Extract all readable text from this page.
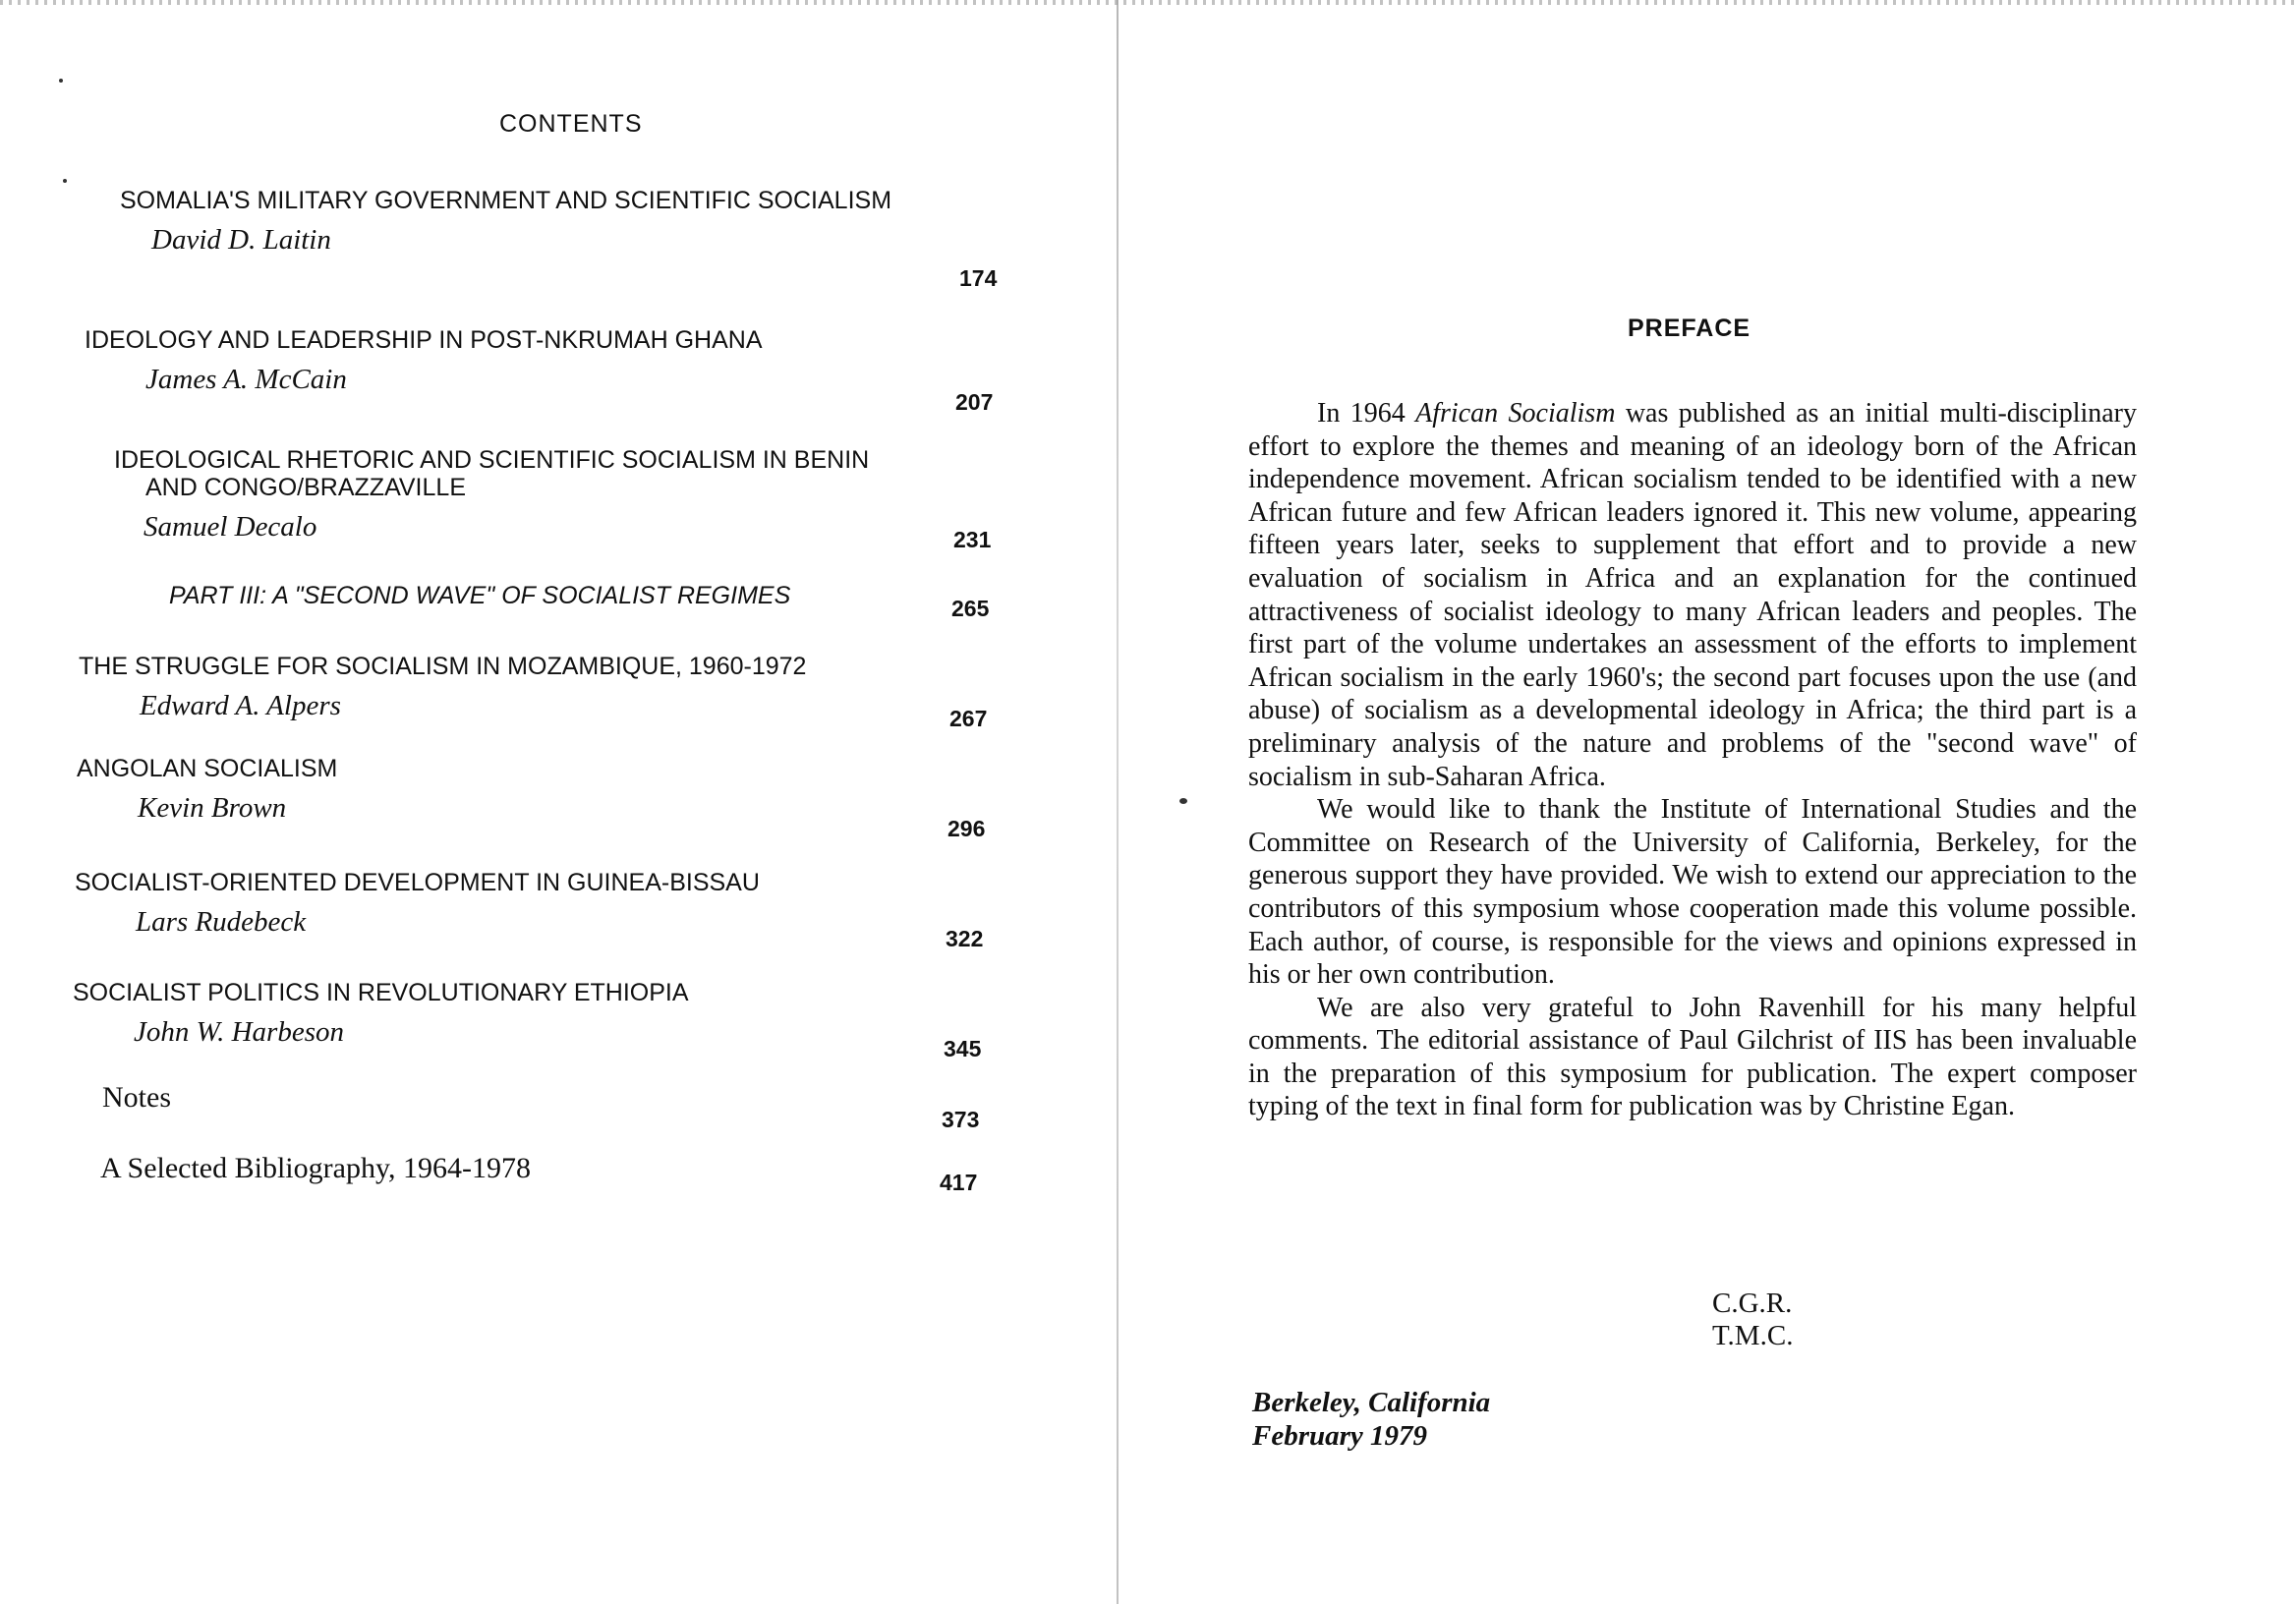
CONTENTS

SOMALIA'S MILITARY GOVERNMENT AND SCIENTIFIC SOCIALISM

David D. Laitin
174

IDEOLOGY AND LEADERSHIP IN POST-NKRUMAH GHANA

James A. McCain
207

IDEOLOGICAL RHETORIC AND SCIENTIFIC SOCIALISM IN BENIN AND CONGO/BRAZZAVILLE

Samuel Decalo	231
PART III: A "SECOND WAVE" OF SOCIALIST REGIMES	265

THE STRUGGLE FOR SOCIALISM IN MOZAMBIQUE, 1960-1972

Edward A. Alpers	267

ANGOLAN SOCIALISM

Kevin Brown
296

SOCIALIST-ORIENTED DEVELOPMENT IN GUINEA-BISSAU

Lars Rudebeck
322

SOCIALIST POLITICS IN REVOLUTIONARY ETHIOPIA

John W. Harbeson
345
Notes
373
A Selected Bibliography, 1964-1978	417
PREFACE

In 1964 African Socialism was published as an initial multi-disciplinary effort to explore the themes and meaning of an ideology born of the African independence movement. African socialism tended to be identified with a new African future and few African leaders ignored it. This new volume, appearing fifteen years later, seeks to supplement that effort and to provide a new evaluation of socialism in Africa and an explanation for the continued attractiveness of socialist ideology to many African leaders and peoples. The first part of the volume undertakes an assessment of the efforts to implement African socialism in the early 1960's; the second part focuses upon the use (and abuse) of socialism as a developmental ideology in Africa; the third part is a preliminary analysis of the nature and problems of the "second wave" of socialism in sub-Saharan Africa.

We would like to thank the Institute of International Studies and the Committee on Research of the University of California, Berkeley, for the generous support they have provided. We wish to extend our appreciation to the contributors of this symposium whose cooperation made this volume possible. Each author, of course, is responsible for the views and opinions expressed in his or her own contribution.

We are also very grateful to John Ravenhill for his many helpful comments. The editorial assistance of Paul Gilchrist of IIS has been invaluable in the preparation of this symposium for publication. The expert composer typing of the text in final form for publication was by Christine Egan.

C.G.R.
T.M.C.
Berkeley, California
February 1979
